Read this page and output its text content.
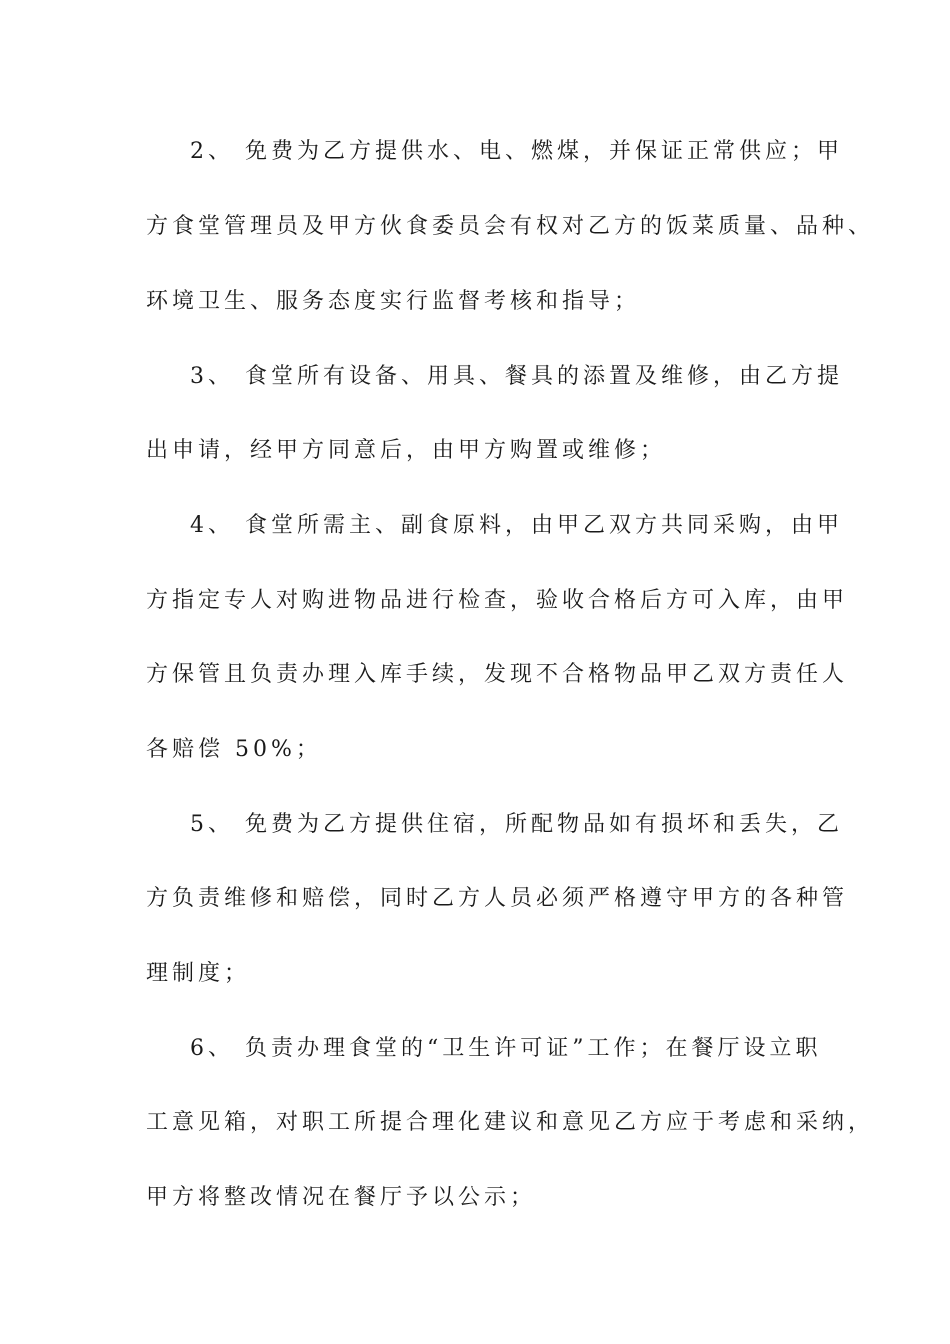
2、 免费为乙方提供水、电、燃煤，并保证正常供应；甲
方食堂管理员及甲方伙食委员会有权对乙方的饭菜质量、品种、
环境卫生、服务态度实行监督考核和指导；
3、 食堂所有设备、用具、餐具的添置及维修，由乙方提
出申请，经甲方同意后，由甲方购置或维修；
4、 食堂所需主、副食原料，由甲乙双方共同采购，由甲
方指定专人对购进物品进行检查，验收合格后方可入库，由甲
方保管且负责办理入库手续，发现不合格物品甲乙双方责任人
各赔偿 50%；
5、 免费为乙方提供住宿，所配物品如有损坏和丢失，乙
方负责维修和赔偿，同时乙方人员必须严格遵守甲方的各种管
理制度；
6、 负责办理食堂的“卫生许可证”工作；在餐厅设立职
工意见箱，对职工所提合理化建议和意见乙方应于考虑和采纳，
甲方将整改情况在餐厅予以公示；
